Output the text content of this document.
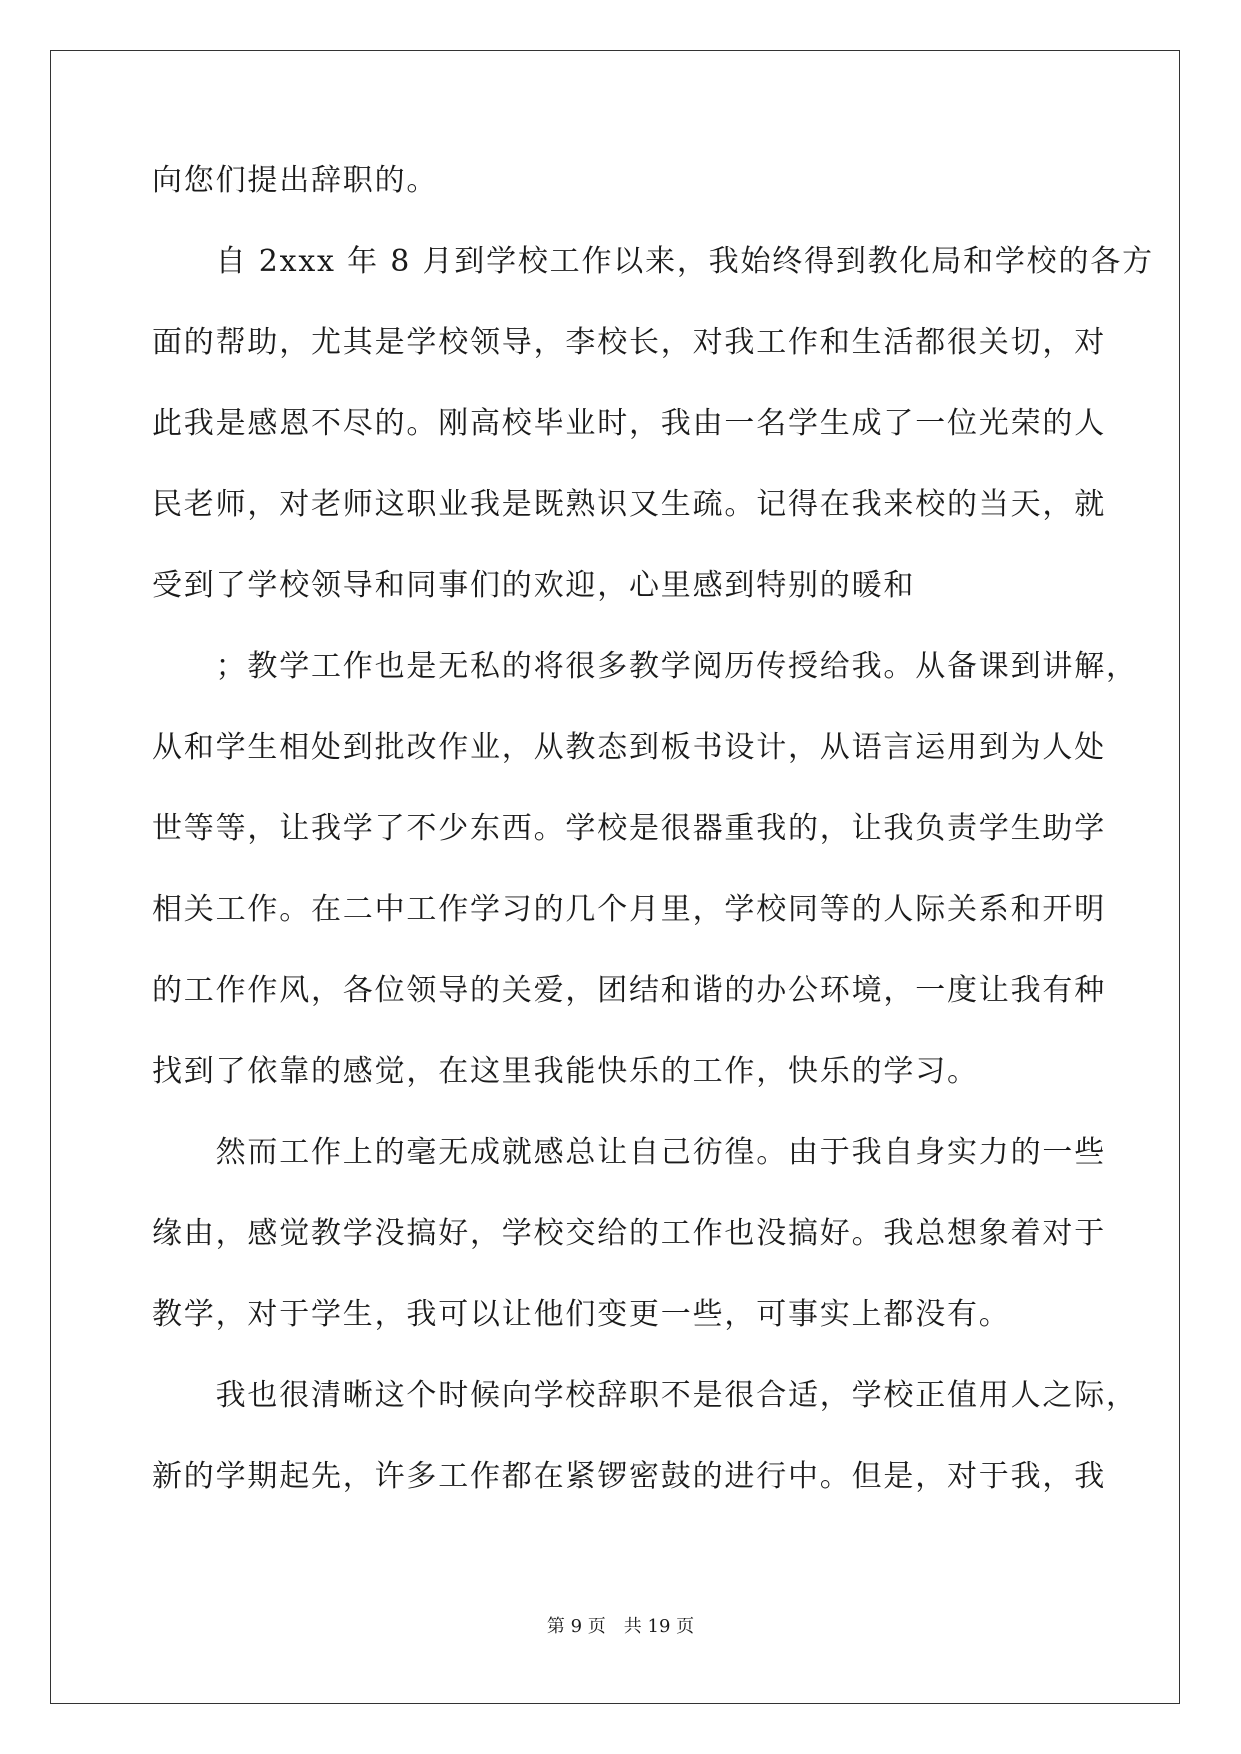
向您们提出辞职的。
　　自 2xxx 年 8 月到学校工作以来，我始终得到教化局和学校的各方
面的帮助，尤其是学校领导，李校长，对我工作和生活都很关切，对
此我是感恩不尽的。刚高校毕业时，我由一名学生成了一位光荣的人
民老师，对老师这职业我是既熟识又生疏。记得在我来校的当天，就
受到了学校领导和同事们的欢迎，心里感到特别的暖和
　　；教学工作也是无私的将很多教学阅历传授给我。从备课到讲解，
从和学生相处到批改作业，从教态到板书设计，从语言运用到为人处
世等等，让我学了不少东西。学校是很器重我的，让我负责学生助学
相关工作。在二中工作学习的几个月里，学校同等的人际关系和开明
的工作作风，各位领导的关爱，团结和谐的办公环境，一度让我有种
找到了依靠的感觉，在这里我能快乐的工作，快乐的学习。
　　然而工作上的毫无成就感总让自己彷徨。由于我自身实力的一些
缘由，感觉教学没搞好，学校交给的工作也没搞好。我总想象着对于
教学，对于学生，我可以让他们变更一些，可事实上都没有。
　　我也很清晰这个时候向学校辞职不是很合适，学校正值用人之际，
新的学期起先，许多工作都在紧锣密鼓的进行中。但是，对于我，我
第 9 页 共 19 页
